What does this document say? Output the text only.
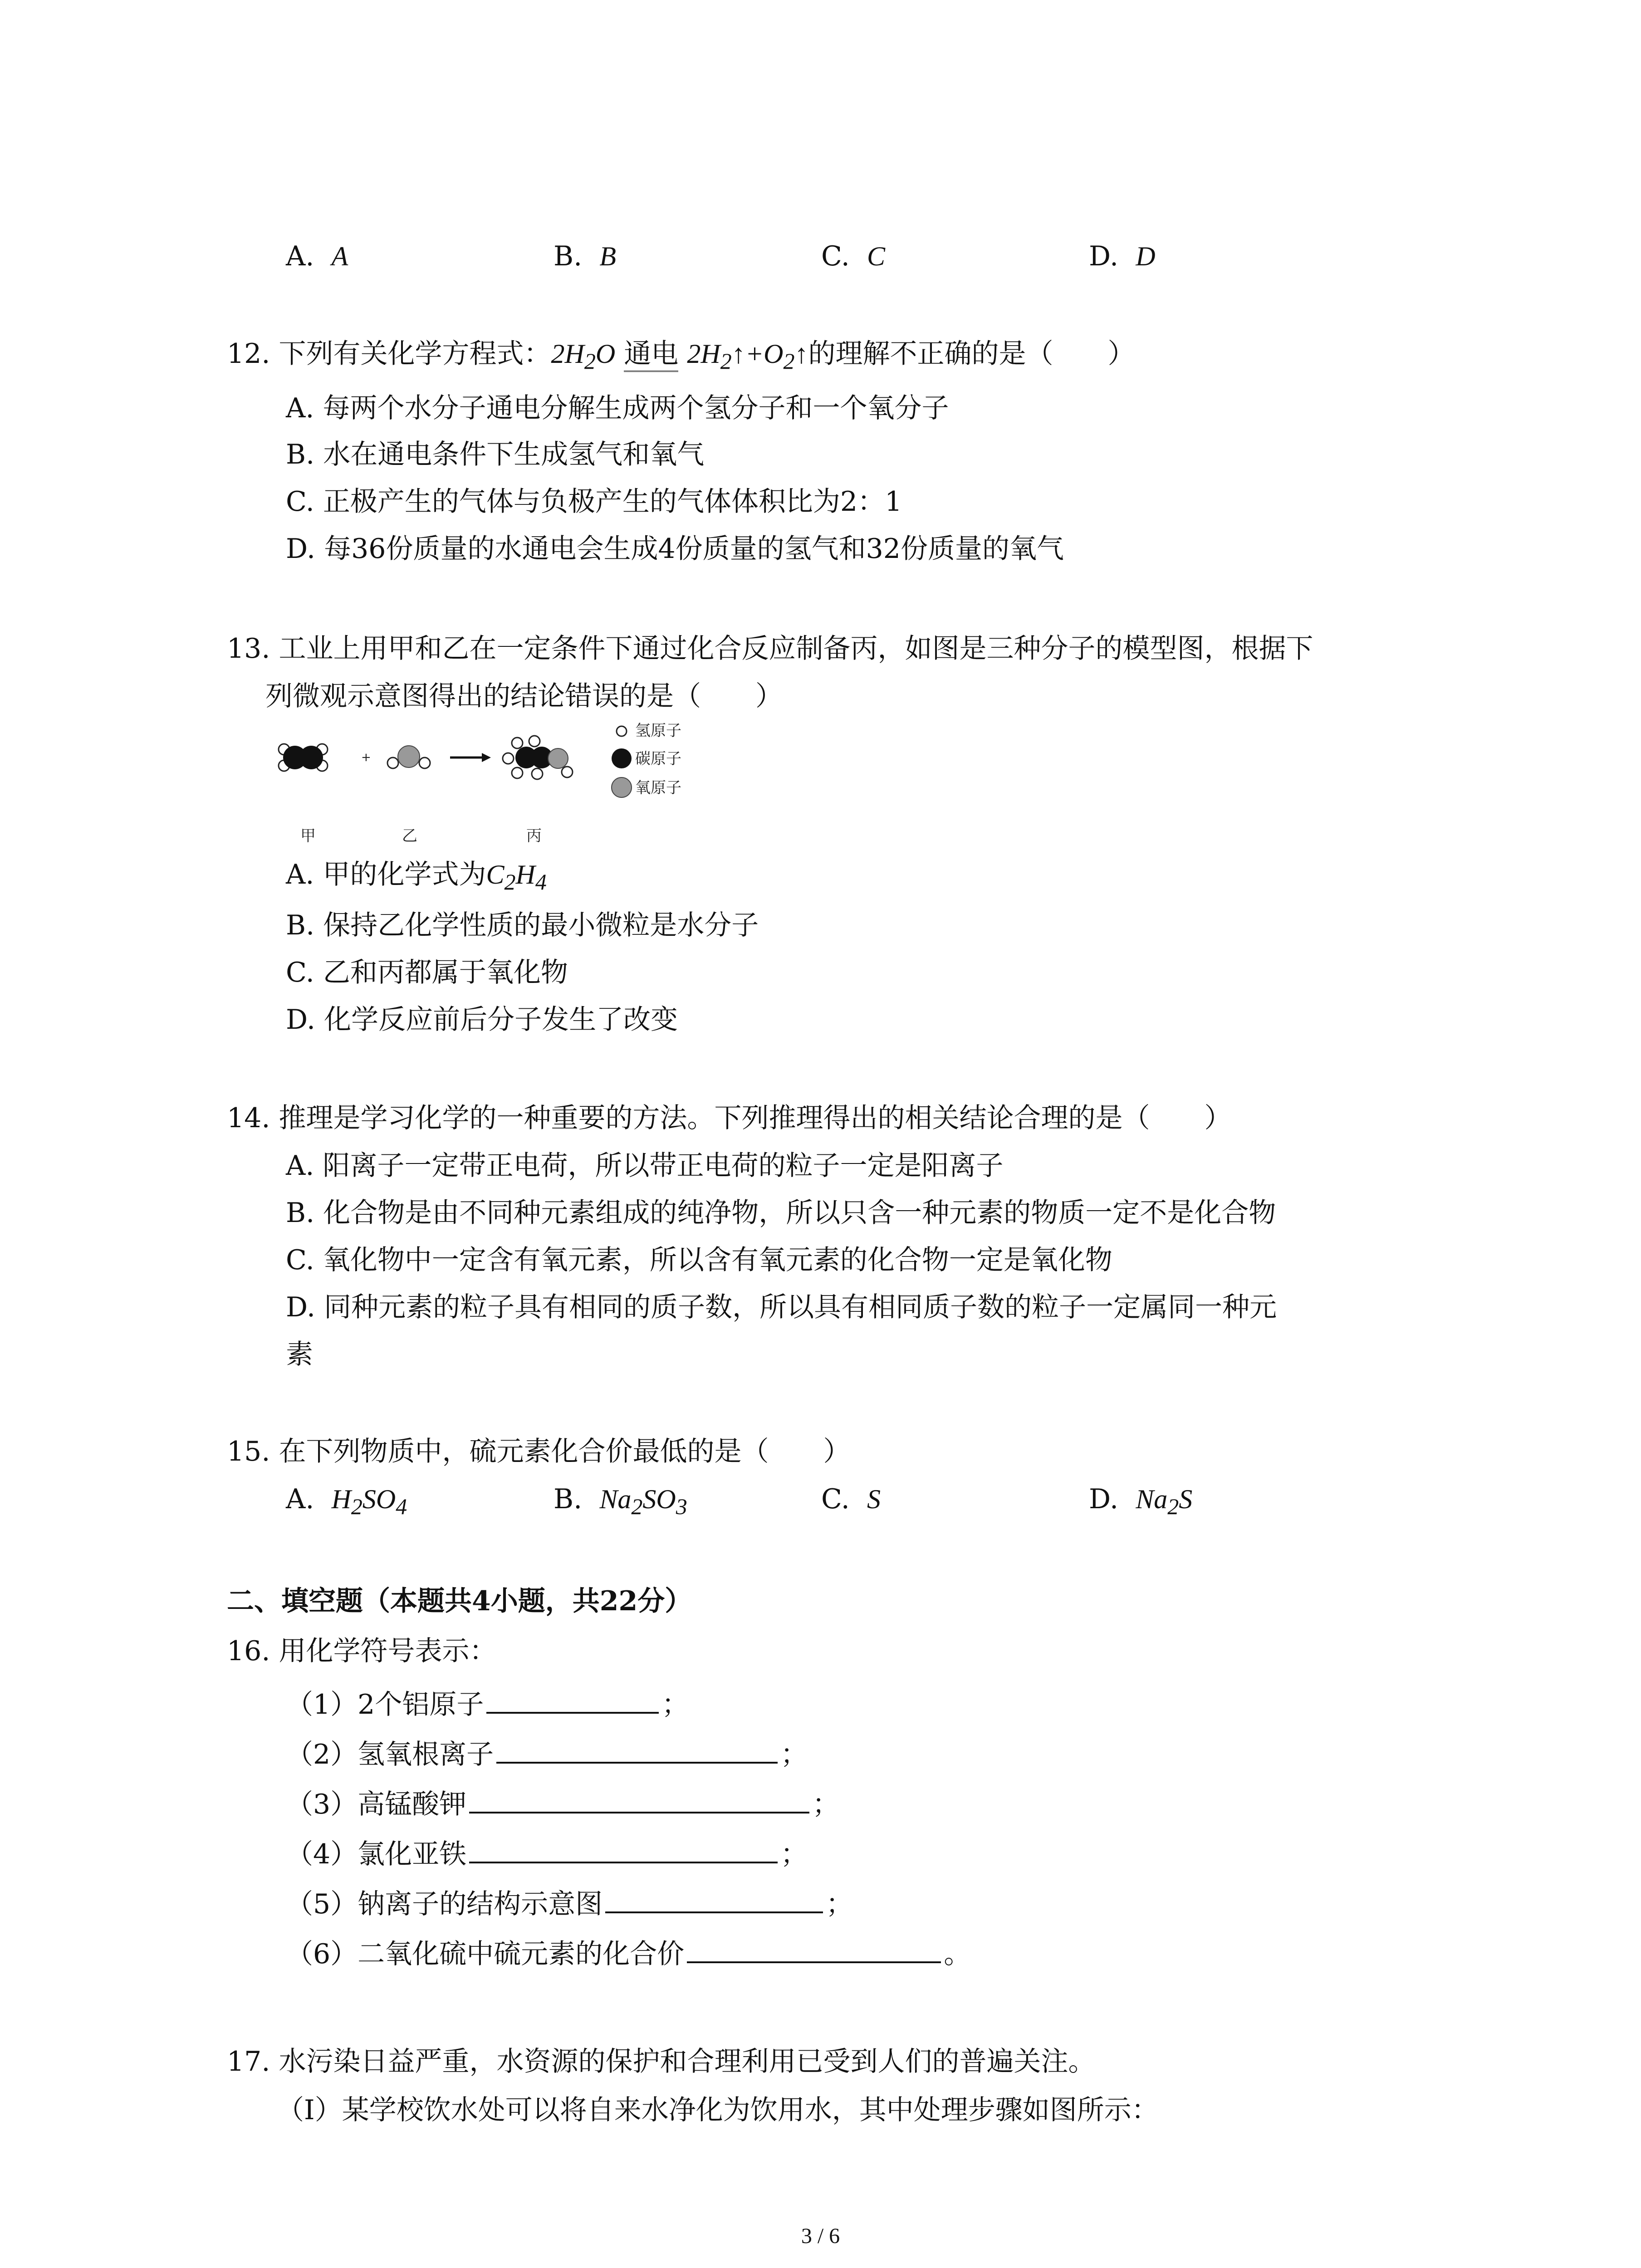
A. A	B. B	C. C	D. D
12. 下列有关化学方程式：$2H_2O$ 通电 $2H_2↑+O_2↑$的理解不正确的是（　　）
A. 每两个水分子通电分解生成两个氢分子和一个氧分子
B. 水在通电条件下生成氢气和氧气
C. 正极产生的气体与负极产生的气体体积比为2：1
D. 每36份质量的水通电会生成4份质量的氢气和32份质量的氧气
13. 工业上用甲和乙在一定条件下通过化合反应制备丙，如图是三种分子的模型图，根据下
列微观示意图得出的结论错误的是（　　）
+
氢原子
碳原子
氧原子
甲	乙	丙
A. 甲的化学式为$C_2H_4$
B. 保持乙化学性质的最小微粒是水分子
C. 乙和丙都属于氧化物
D. 化学反应前后分子发生了改变
14. 推理是学习化学的一种重要的方法。下列推理得出的相关结论合理的是（　　）
A. 阳离子一定带正电荷，所以带正电荷的粒子一定是阳离子
B. 化合物是由不同种元素组成的纯净物，所以只含一种元素的物质一定不是化合物
C. 氧化物中一定含有氧元素，所以含有氧元素的化合物一定是氧化物
D. 同种元素的粒子具有相同的质子数，所以具有相同质子数的粒子一定属同一种元
素
15. 在下列物质中，硫元素化合价最低的是（　　）
A. $H_2SO_4$	B. $Na_2SO_3$	C. S	D. $Na_2S$
二、填空题（本题共4小题，共22分）
16. 用化学符号表示：
（1）2个铝原子	；
（2）氢氧根离子	；
（3）高锰酸钾	；
（4）氯化亚铁	；
（5）钠离子的结构示意图	；
（6）二氧化硫中硫元素的化合价	。
17. 水污染日益严重，水资源的保护和合理利用已受到人们的普遍关注。
（Ⅰ）某学校饮水处可以将自来水净化为饮用水，其中处理步骤如图所示：
3 / 6
